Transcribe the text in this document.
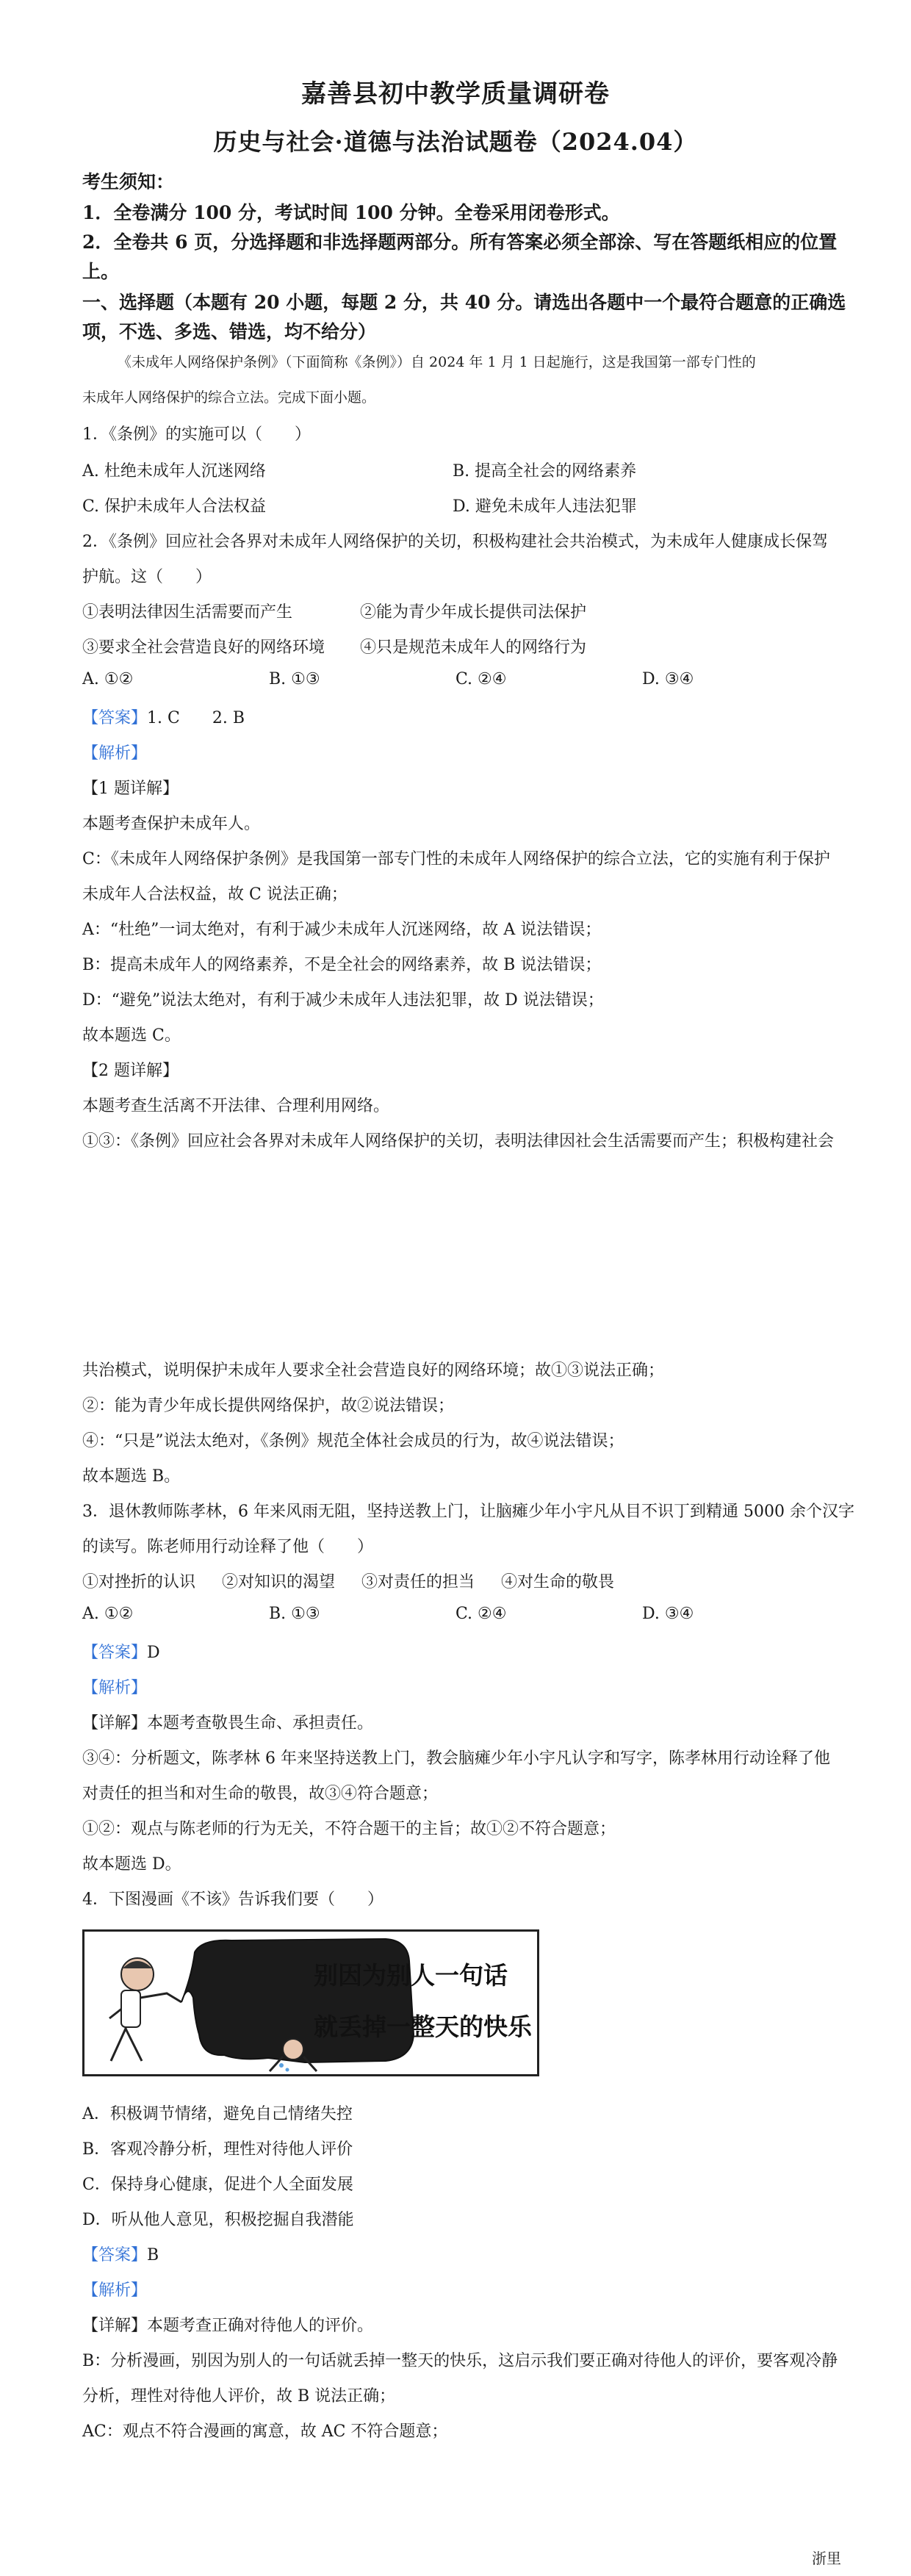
嘉善县初中教学质量调研卷
历史与社会·道德与法治试题卷（2024.04）
考生须知：
1．全卷满分 100 分，考试时间 100 分钟。全卷采用闭卷形式。
2．全卷共 6 页，分选择题和非选择题两部分。所有答案必须全部涂、写在答题纸相应的位置
上。
一、选择题（本题有 20 小题，每题 2 分，共 40 分。请选出各题中一个最符合题意的正确选
项，不选、多选、错选，均不给分）
《未成年人网络保护条例》（下面简称《条例》）自 2024 年 1 月 1 日起施行，这是我国第一部专门性的
未成年人网络保护的综合立法。完成下面小题。
1．《条例》的实施可以（　　）
A. 杜绝未成年人沉迷网络	B. 提高全社会的网络素养
C. 保护未成年人合法权益	D. 避免未成年人违法犯罪
2．《条例》回应社会各界对未成年人网络保护的关切，积极构建社会共治模式，为未成年人健康成长保驾
护航。这（　　）
①表明法律因生活需要而产生	②能为青少年成长提供司法保护
③要求全社会营造良好的网络环境 ④只是规范未成年人的网络行为
A. ①②	B. ①③	C. ②④	D. ③④
【答案】1. C　　2. B
【解析】
【1 题详解】
本题考查保护未成年人。
C：《未成年人网络保护条例》是我国第一部专门性的未成年人网络保护的综合立法，它的实施有利于保护
未成年人合法权益，故 C 说法正确；
A：“杜绝”一词太绝对，有利于减少未成年人沉迷网络，故 A 说法错误；
B：提高未成年人的网络素养，不是全社会的网络素养，故 B 说法错误；
D：“避免”说法太绝对，有利于减少未成年人违法犯罪，故 D 说法错误；
故本题选 C。
【2 题详解】
本题考查生活离不开法律、合理利用网络。
①③：《条例》回应社会各界对未成年人网络保护的关切，表明法律因社会生活需要而产生；积极构建社会
共治模式，说明保护未成年人要求全社会营造良好的网络环境；故①③说法正确；
②：能为青少年成长提供网络保护，故②说法错误；
④：“只是”说法太绝对，《条例》规范全体社会成员的行为，故④说法错误；
故本题选 B。
3．退休教师陈孝林，6 年来风雨无阻，坚持送教上门，让脑瘫少年小宇凡从目不识丁到精通 5000 余个汉字
的读写。陈老师用行动诠释了他（　　）
①对挫折的认识 ②对知识的渴望 ③对责任的担当 ④对生命的敬畏
A. ①②	B. ①③	C. ②④	D. ③④
【答案】D
【解析】
【详解】本题考查敬畏生命、承担责任。
③④：分析题文，陈孝林 6 年来坚持送教上门，教会脑瘫少年小宇凡认字和写字，陈孝林用行动诠释了他
对责任的担当和对生命的敬畏，故③④符合题意；
①②：观点与陈老师的行为无关，不符合题干的主旨；故①②不符合题意；
故本题选 D。
4．下图漫画《不该》告诉我们要（　　）
别因为别人一句话
就丢掉一整天的快乐
A．积极调节情绪，避免自己情绪失控
B．客观冷静分析，理性对待他人评价
C．保持身心健康，促进个人全面发展
D．听从他人意见，积极挖掘自我潜能
【答案】B
【解析】
【详解】本题考查正确对待他人的评价。
B：分析漫画，别因为别人的一句话就丢掉一整天的快乐，这启示我们要正确对待他人的评价，要客观冷静
分析，理性对待他人评价，故 B 说法正确；
AC：观点不符合漫画的寓意，故 AC 不符合题意；
浙里
